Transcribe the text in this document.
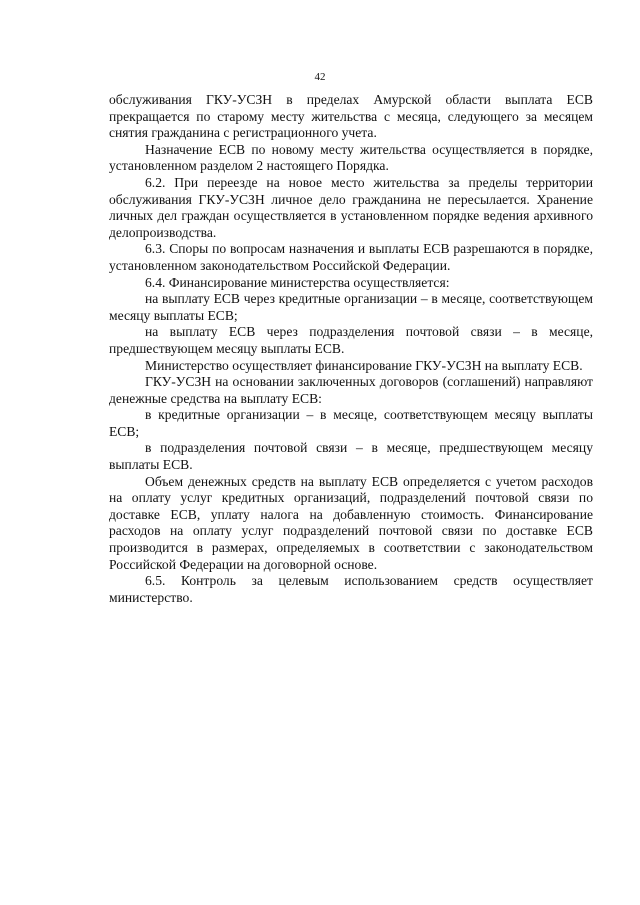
42

обслуживания ГКУ-УСЗН в пределах Амурской области выплата ЕСВ прекращается по старому месту жительства с месяца, следующего за месяцем снятия гражданина с регистрационного учета.

Назначение ЕСВ по новому месту жительства осуществляется в порядке, установленном разделом 2 настоящего Порядка.

6.2. При переезде на новое место жительства за пределы территории обслуживания ГКУ-УСЗН личное дело гражданина не пересылается. Хранение личных дел граждан осуществляется в установленном порядке ведения архивного делопроизводства.

6.3. Споры по вопросам назначения и выплаты ЕСВ разрешаются в порядке, установленном законодательством Российской Федерации.

6.4. Финансирование министерства осуществляется:

на выплату ЕСВ через кредитные организации – в месяце, соответствующем месяцу выплаты ЕСВ;

на выплату ЕСВ через подразделения почтовой связи – в месяце, предшествующем месяцу выплаты ЕСВ.

Министерство осуществляет финансирование ГКУ-УСЗН на выплату ЕСВ.

ГКУ-УСЗН на основании заключенных договоров (соглашений) направляют денежные средства на выплату ЕСВ:

в кредитные организации – в месяце, соответствующем месяцу выплаты ЕСВ;

в подразделения почтовой связи – в месяце, предшествующем месяцу выплаты ЕСВ.

Объем денежных средств на выплату ЕСВ определяется с учетом расходов на оплату услуг кредитных организаций, подразделений почтовой связи по доставке ЕСВ, уплату налога на добавленную стоимость. Финансирование расходов на оплату услуг подразделений почтовой связи по доставке ЕСВ производится в размерах, определяемых в соответствии с законодательством Российской Федерации на договорной основе.

6.5. Контроль за целевым использованием средств осуществляет министерство.
